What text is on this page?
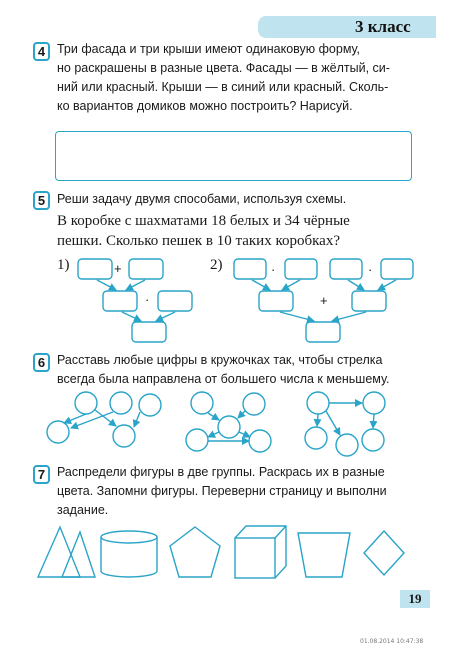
3 класс
4 Три фасада и три крыши имеют одинаковую форму,
но раскрашены в разные цвета. Фасады — в жёлтый, си-
ний или красный. Крыши — в синий или красный. Сколь-
ко вариантов домиков можно построить? Нарисуй.
5 Реши задачу двумя способами, используя схемы.
В коробке с шахматами 18 белых и 34 чёрные
пешки. Сколько пешек в 10 таких коробках?
1)	2)
+
·
·	·
+
6 Расставь любые цифры в кружочках так, чтобы стрелка
всегда была направлена от большего числа к меньшему.
7 Распредели фигуры в две группы. Раскрась их в разные
цвета. Запомни фигуры. Переверни страницу и выполни
задание.
19
01.08.2014 10:47:38
